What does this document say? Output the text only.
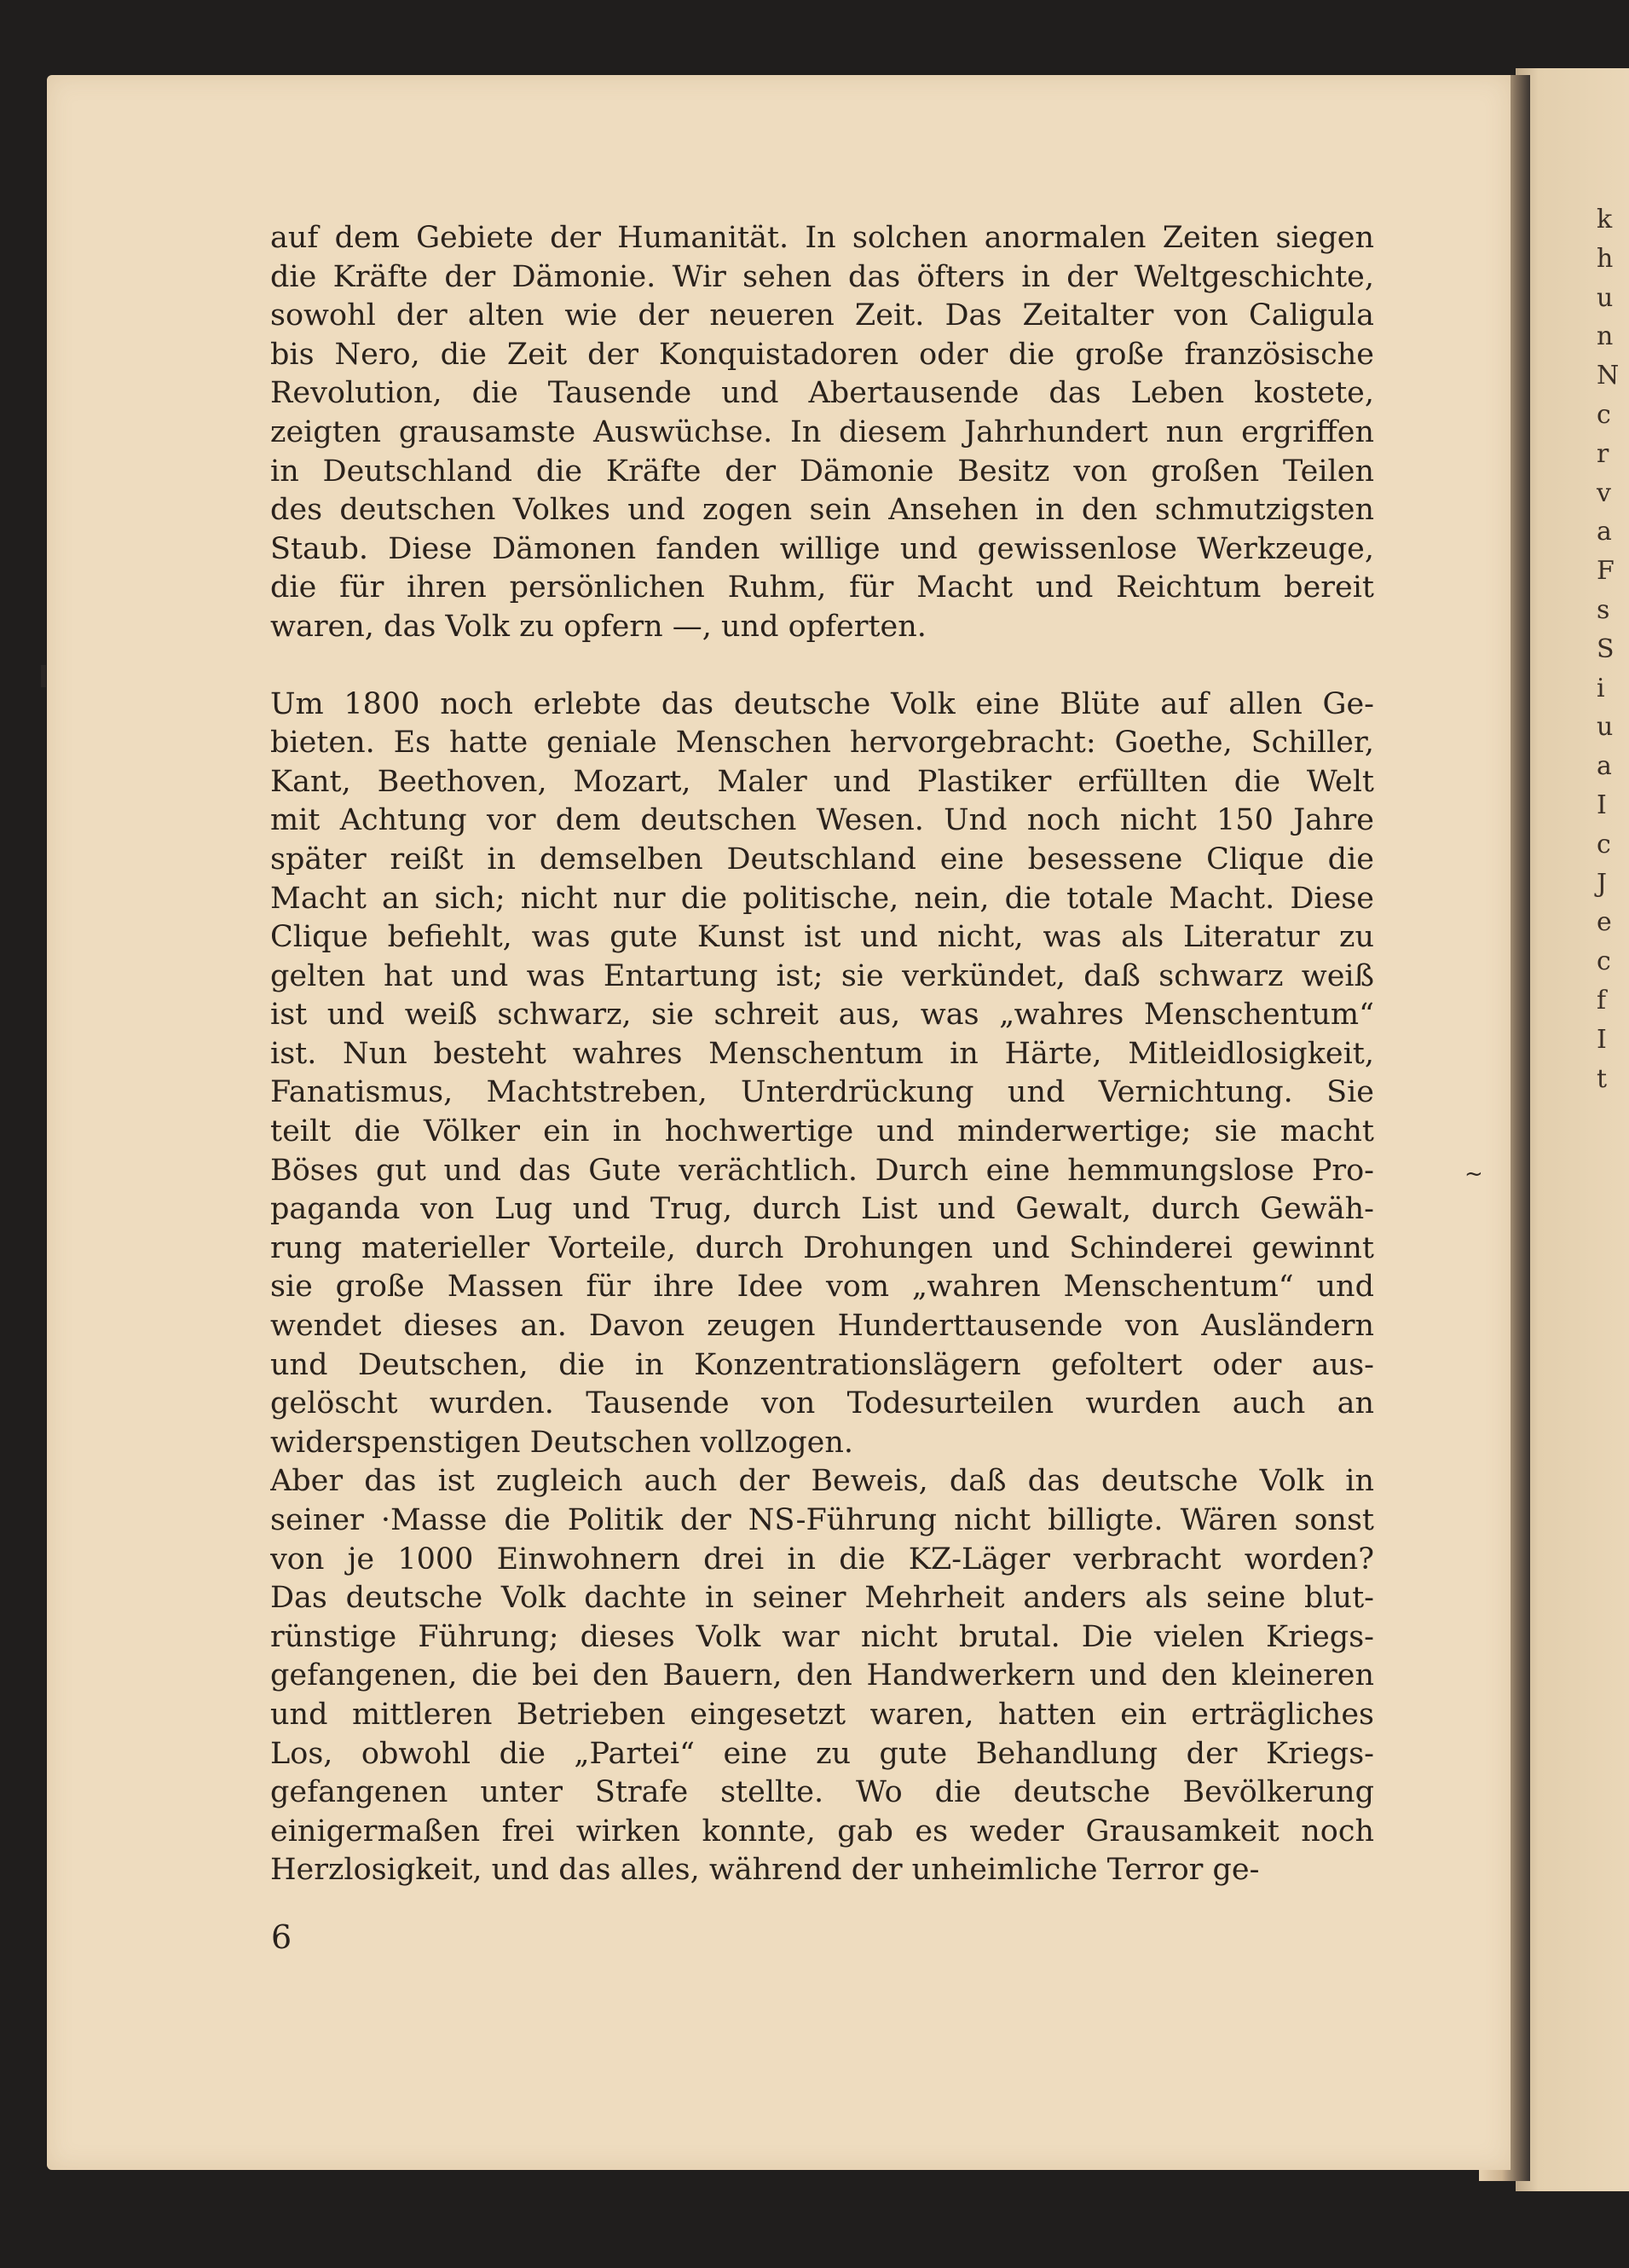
k
h
u
n
N
c
r
v
a
F
s
S
i
u
a
I
c
J
e
c
f
I
t

auf dem Gebiete der Humanität. In solchen anormalen Zeiten siegen
die Kräfte der Dämonie. Wir sehen das öfters in der Weltgeschichte,
sowohl der alten wie der neueren Zeit. Das Zeitalter von Caligula
bis Nero, die Zeit der Konquistadoren oder die große französische
Revolution, die Tausende und Abertausende das Leben kostete,
zeigten grausamste Auswüchse. In diesem Jahrhundert nun ergriffen
in Deutschland die Kräfte der Dämonie Besitz von großen Teilen
des deutschen Volkes und zogen sein Ansehen in den schmutzigsten
Staub. Diese Dämonen fanden willige und gewissenlose Werkzeuge,
die für ihren persönlichen Ruhm, für Macht und Reichtum bereit
waren, das Volk zu opfern —, und opferten.

Um 1800 noch erlebte das deutsche Volk eine Blüte auf allen Ge-
bieten. Es hatte geniale Menschen hervorgebracht: Goethe, Schiller,
Kant, Beethoven, Mozart, Maler und Plastiker erfüllten die Welt
mit Achtung vor dem deutschen Wesen. Und noch nicht 150 Jahre
später reißt in demselben Deutschland eine besessene Clique die
Macht an sich; nicht nur die politische, nein, die totale Macht. Diese
Clique befiehlt, was gute Kunst ist und nicht, was als Literatur zu
gelten hat und was Entartung ist; sie verkündet, daß schwarz weiß
ist und weiß schwarz, sie schreit aus, was „wahres Menschentum“
ist. Nun besteht wahres Menschentum in Härte, Mitleidlosigkeit,
Fanatismus, Machtstreben, Unterdrückung und Vernichtung. Sie
teilt die Völker ein in hochwertige und minderwertige; sie macht
Böses gut und das Gute verächtlich. Durch eine hemmungslose Pro-
paganda von Lug und Trug, durch List und Gewalt, durch Gewäh-
rung materieller Vorteile, durch Drohungen und Schinderei gewinnt
sie große Massen für ihre Idee vom „wahren Menschentum“ und
wendet dieses an. Davon zeugen Hunderttausende von Ausländern
und Deutschen, die in Konzentrationslägern gefoltert oder aus-
gelöscht wurden. Tausende von Todesurteilen wurden auch an
widerspenstigen Deutschen vollzogen.

Aber das ist zugleich auch der Beweis, daß das deutsche Volk in
seiner ·Masse die Politik der NS-Führung nicht billigte. Wären sonst
von je 1000 Einwohnern drei in die KZ-Läger verbracht worden?
Das deutsche Volk dachte in seiner Mehrheit anders als seine blut-
rünstige Führung; dieses Volk war nicht brutal. Die vielen Kriegs-
gefangenen, die bei den Bauern, den Handwerkern und den kleineren
und mittleren Betrieben eingesetzt waren, hatten ein erträgliches
Los, obwohl die „Partei“ eine zu gute Behandlung der Kriegs-
gefangenen unter Strafe stellte. Wo die deutsche Bevölkerung
einigermaßen frei wirken konnte, gab es weder Grausamkeit noch
Herzlosigkeit, und das alles, während der unheimliche Terror ge-

~
6
